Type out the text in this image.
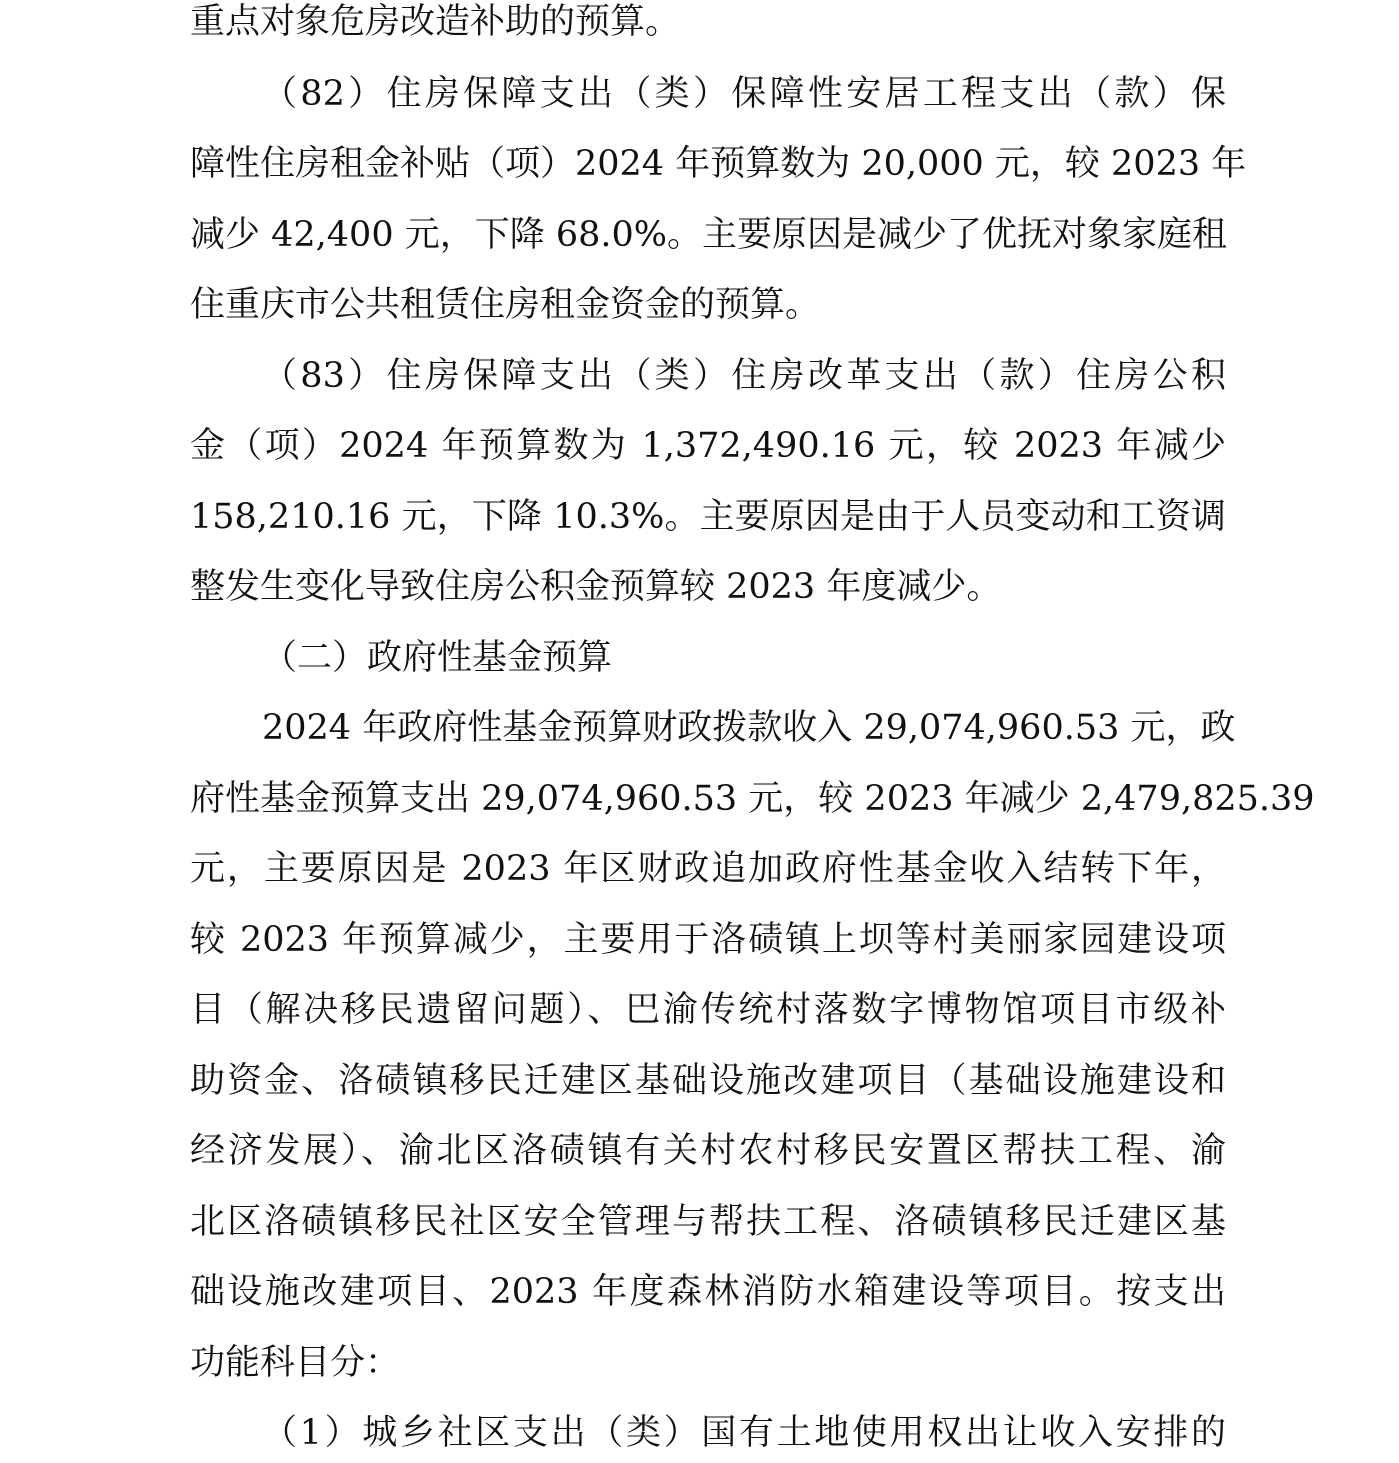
重点对象危房改造补助的预算。
（82）住房保障支出（类）保障性安居工程支出（款）保
障性住房租金补贴（项）2024 年预算数为 20,000 元，较 2023 年
减少 42,400 元，下降 68.0%。主要原因是减少了优抚对象家庭租
住重庆市公共租赁住房租金资金的预算。
（83）住房保障支出（类）住房改革支出（款）住房公积
金（项）2024 年预算数为 1,372,490.16 元，较 2023 年减少
158,210.16 元，下降 10.3%。主要原因是由于人员变动和工资调
整发生变化导致住房公积金预算较 2023 年度减少。
（二）政府性基金预算
2024 年政府性基金预算财政拨款收入 29,074,960.53 元，政
府性基金预算支出 29,074,960.53 元，较 2023 年减少 2,479,825.39
元，主要原因是 2023 年区财政追加政府性基金收入结转下年，
较 2023 年预算减少，主要用于洛碛镇上坝等村美丽家园建设项
目（解决移民遗留问题）、巴渝传统村落数字博物馆项目市级补
助资金、洛碛镇移民迁建区基础设施改建项目（基础设施建设和
经济发展）、渝北区洛碛镇有关村农村移民安置区帮扶工程、渝
北区洛碛镇移民社区安全管理与帮扶工程、洛碛镇移民迁建区基
础设施改建项目、2023 年度森林消防水箱建设等项目。按支出
功能科目分：
（1）城乡社区支出（类）国有土地使用权出让收入安排的
